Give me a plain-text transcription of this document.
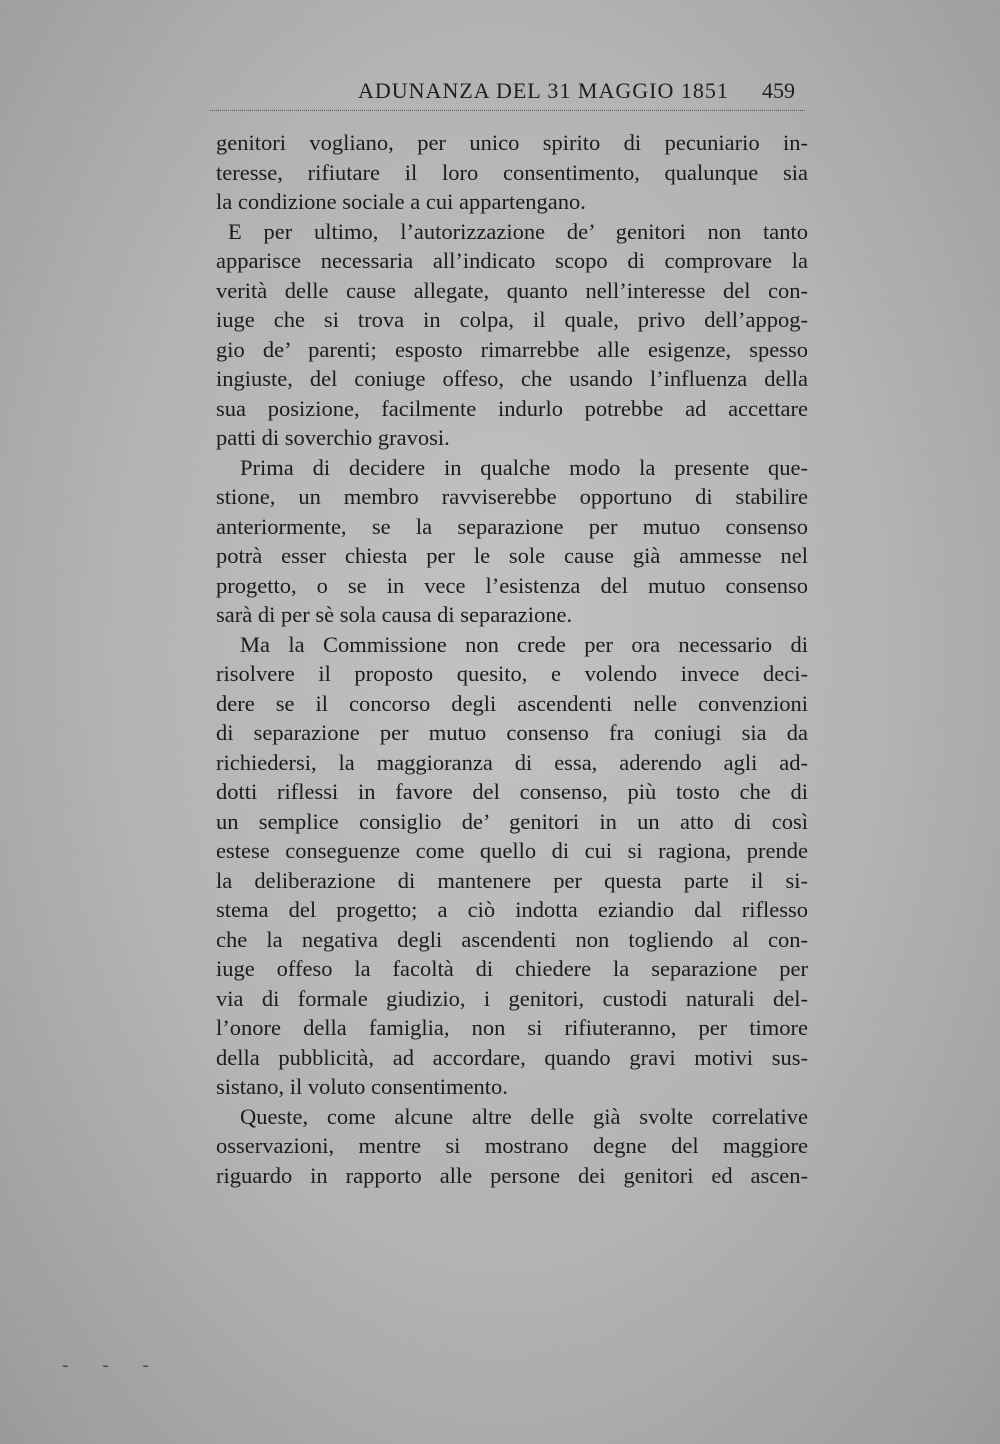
ADUNANZA DEL 31 MAGGIO 1851 459
genitori vogliano, per unico spirito di pecuniario in-
teresse, rifiutare il loro consentimento, qualunque sia
la condizione sociale a cui appartengano.
E per ultimo, l’autorizzazione de’ genitori non tanto
apparisce necessaria all’indicato scopo di comprovare la
verità delle cause allegate, quanto nell’interesse del con-
iuge che si trova in colpa, il quale, privo dell’appog-
gio de’ parenti; esposto rimarrebbe alle esigenze, spesso
ingiuste, del coniuge offeso, che usando l’influenza della
sua posizione, facilmente indurlo potrebbe ad accettare
patti di soverchio gravosi.
Prima di decidere in qualche modo la presente que-
stione, un membro ravviserebbe opportuno di stabilire
anteriormente, se la separazione per mutuo consenso
potrà esser chiesta per le sole cause già ammesse nel
progetto, o se in vece l’esistenza del mutuo consenso
sarà di per sè sola causa di separazione.
Ma la Commissione non crede per ora necessario di
risolvere il proposto quesito, e volendo invece deci-
dere se il concorso degli ascendenti nelle convenzioni
di separazione per mutuo consenso fra coniugi sia da
richiedersi, la maggioranza di essa, aderendo agli ad-
dotti riflessi in favore del consenso, più tosto che di
un semplice consiglio de’ genitori in un atto di così
estese conseguenze come quello di cui si ragiona, prende
la deliberazione di mantenere per questa parte il si-
stema del progetto; a ciò indotta eziandio dal riflesso
che la negativa degli ascendenti non togliendo al con-
iuge offeso la facoltà di chiedere la separazione per
via di formale giudizio, i genitori, custodi naturali del-
l’onore della famiglia, non si rifiuteranno, per timore
della pubblicità, ad accordare, quando gravi motivi sus-
sistano, il voluto consentimento.
Queste, come alcune altre delle già svolte correlative
osservazioni, mentre si mostrano degne del maggiore
riguardo in rapporto alle persone dei genitori ed ascen-
- - -
